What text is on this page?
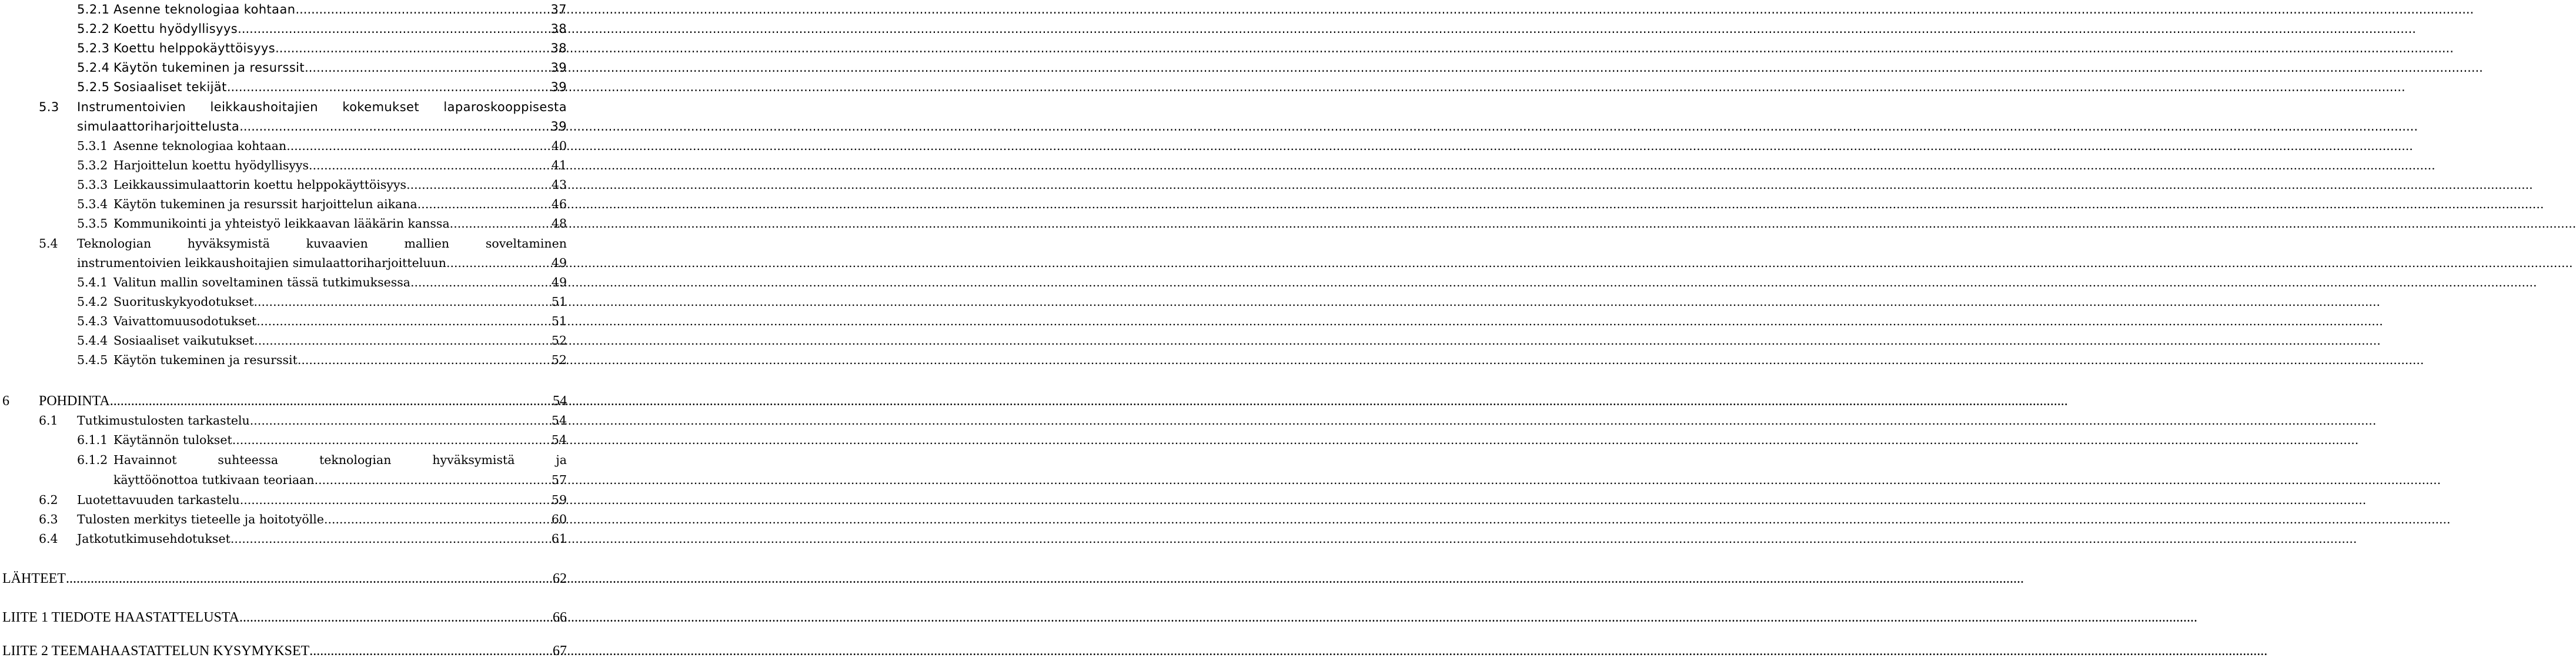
5.2.1 Asenne teknologiaa kohtaan .....	37
5.2.2 Koettu hyödyllisyys .....	38
5.2.3 Koettu helppokäyttöisyys .....	38
5.2.4 Käytön tukeminen ja resurssit .....	39
5.2.5 Sosiaaliset tekijät .....	39
5.3	Instrumentoivien leikkaushoitajien kokemukset laparoskooppisesta
simulaattoriharjoittelusta .....	39
5.3.1 Asenne teknologiaa kohtaan .....	40
5.3.2 Harjoittelun koettu hyödyllisyys .....	41
5.3.3 Leikkaussimulaattorin koettu helppokäyttöisyys .....	43
5.3.4 Käytön tukeminen ja resurssit harjoittelun aikana .....	46
5.3.5 Kommunikointi ja yhteistyö leikkaavan lääkärin kanssa .....	48
5.4	Teknologian	hyväksymistä	kuvaavien	mallien	soveltaminen
instrumentoivien leikkaushoitajien simulaattoriharjoitteluun .....	49
5.4.1 Valitun mallin soveltaminen tässä tutkimuksessa .....	49
5.4.2 Suorituskykyodotukset .....	51
5.4.3 Vaivattomuusodotukset .....	51
5.4.4 Sosiaaliset vaikutukset .....	52
5.4.5 Käytön tukeminen ja resurssit .....	52
6	POHDINTA .....	54
6.1	Tutkimustulosten tarkastelu .....	54
6.1.1 Käytännön tulokset .....	54
6.1.2 Havainnot	suhteessa	teknologian	hyväksymistä	ja
käyttöönottoa tutkivaan teoriaan .....	57
6.2	Luotettavuuden tarkastelu .....	59
6.3	Tulosten merkitys tieteelle ja hoitotyölle .....	60
6.4	Jatkotutkimusehdotukset .....	61
LÄHTEET .....	62
LIITE 1 TIEDOTE HAASTATTELUSTA .....	66
LIITE 2 TEEMAHAASTATTELUN KYSYMYKSET .....	67
